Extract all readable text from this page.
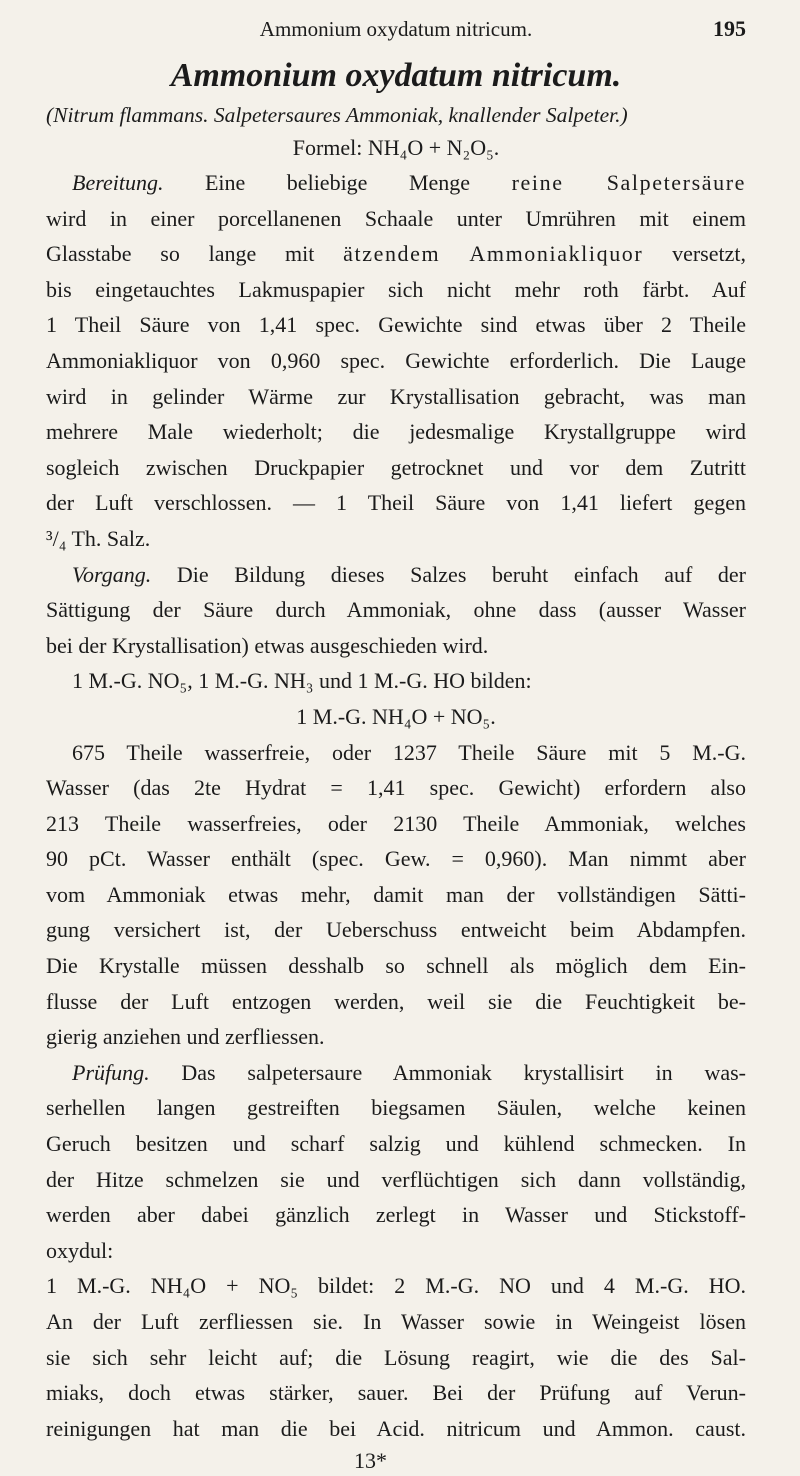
Ammonium oxydatum nitricum.	195
Ammonium oxydatum nitricum.
(Nitrum flammans. Salpetersaures Ammoniak, knallender Salpeter.)
Formel: NH₄O + N₂O₅.
Bereitung. Eine beliebige Menge reine Salpetersäure
wird in einer porcellanenen Schaale unter Umrühren mit einem
Glasstabe so lange mit ätzendem Ammoniakliquor versetzt,
bis eingetauchtes Lakmuspapier sich nicht mehr roth färbt. Auf
1 Theil Säure von 1,41 spec. Gewichte sind etwas über 2 Theile
Ammoniakliquor von 0,960 spec. Gewichte erforderlich. Die Lauge
wird in gelinder Wärme zur Krystallisation gebracht, was man
mehrere Male wiederholt; die jedesmalige Krystallgruppe wird
sogleich zwischen Druckpapier getrocknet und vor dem Zutritt
der Luft verschlossen. — 1 Theil Säure von 1,41 liefert gegen
³/₄ Th. Salz.
Vorgang. Die Bildung dieses Salzes beruht einfach auf der
Sättigung der Säure durch Ammoniak, ohne dass (ausser Wasser
bei der Krystallisation) etwas ausgeschieden wird.
1 M.-G. NO₅, 1 M.-G. NH₃ und 1 M.-G. HO bilden:
1 M.-G. NH₄O + NO₅.
675 Theile wasserfreie, oder 1237 Theile Säure mit 5 M.-G.
Wasser (das 2te Hydrat = 1,41 spec. Gewicht) erfordern also
213 Theile wasserfreies, oder 2130 Theile Ammoniak, welches
90 pCt. Wasser enthält (spec. Gew. = 0,960). Man nimmt aber
vom Ammoniak etwas mehr, damit man der vollständigen Sätti-
gung versichert ist, der Ueberschuss entweicht beim Abdampfen.
Die Krystalle müssen desshalb so schnell als möglich dem Ein-
flusse der Luft entzogen werden, weil sie die Feuchtigkeit be-
gierig anziehen und zerfliessen.
Prüfung. Das salpetersaure Ammoniak krystallisirt in was-
serhellen langen gestreiften biegsamen Säulen, welche keinen
Geruch besitzen und scharf salzig und kühlend schmecken. In
der Hitze schmelzen sie und verflüchtigen sich dann vollständig,
werden aber dabei gänzlich zerlegt in Wasser und Stickstoff-
oxydul:
1 M.-G. NH₄O + NO₅ bildet: 2 M.-G. NO und 4 M.-G. HO.
An der Luft zerfliessen sie. In Wasser sowie in Weingeist lösen
sie sich sehr leicht auf; die Lösung reagirt, wie die des Sal-
miaks, doch etwas stärker, sauer. Bei der Prüfung auf Verun-
reinigungen hat man die bei Acid. nitricum und Ammon. caust.
13*
